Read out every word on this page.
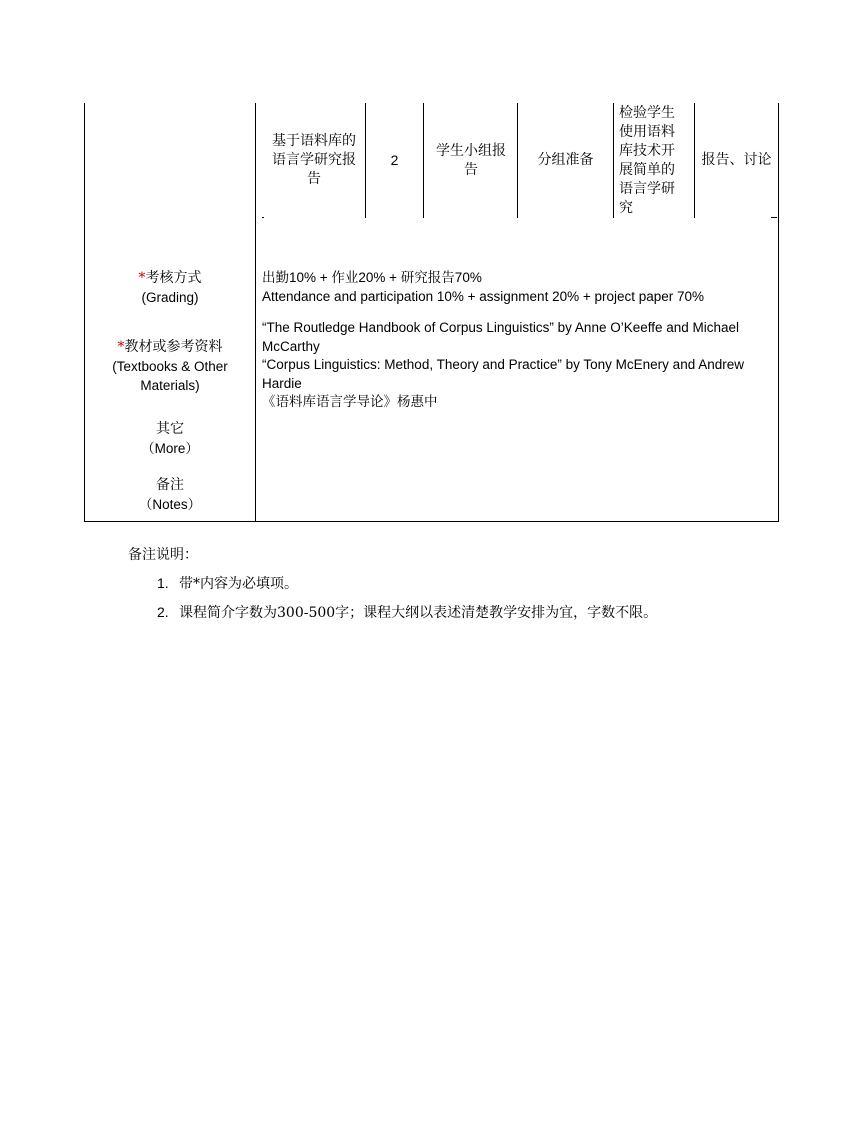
基于语料库的语言学研究报告
2
学生小组报告
分组准备
检验学生使用语料库技术开展简单的语言学研究
报告、讨论
*考核方式
(Grading)
*教材或参考资料
(Textbooks & Other
Materials)
其它
（More）
备注
（Notes）
出勤10% + 作业20% + 研究报告70%
Attendance and participation 10% + assignment 20% + project paper 70%
“The Routledge Handbook of Corpus Linguistics” by Anne O’Keeffe and Michael McCarthy
“Corpus Linguistics: Method, Theory and Practice” by Tony McEnery and Andrew Hardie
《语料库语言学导论》杨惠中
备注说明：
1. 带*内容为必填项。
2. 课程简介字数为300-500字；课程大纲以表述清楚教学安排为宜，字数不限。
